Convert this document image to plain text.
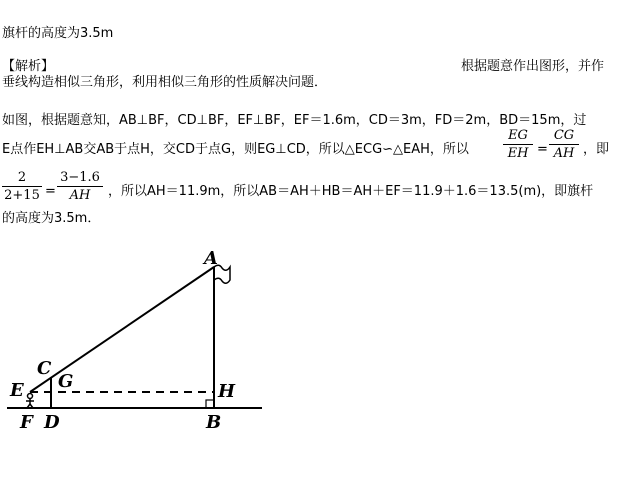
旗杆的高度为3.5m
【解析】	根据题意作出图形，并作
垂线构造相似三角形，利用相似三角形的性质解决问题．
如图，根据题意知，AB⊥BF，CD⊥BF，EF⊥BF，EF＝1.6m，CD＝3m，FD＝2m，BD＝15m，过
E点作EH⊥AB交AB于点H，交CD于点G，则EG⊥CD，所以△ECG∽△EAH，所以
EG
EH =
CG
AH ，即
2
2+15 =
3−1.6
AH	，所以AH＝11.9m，所以AB＝AH＋HB＝AH＋EF＝11.9＋1.6＝13.5(m)，即旗杆
的高度为3.5m．
A
C
G
E	H
F D	B
